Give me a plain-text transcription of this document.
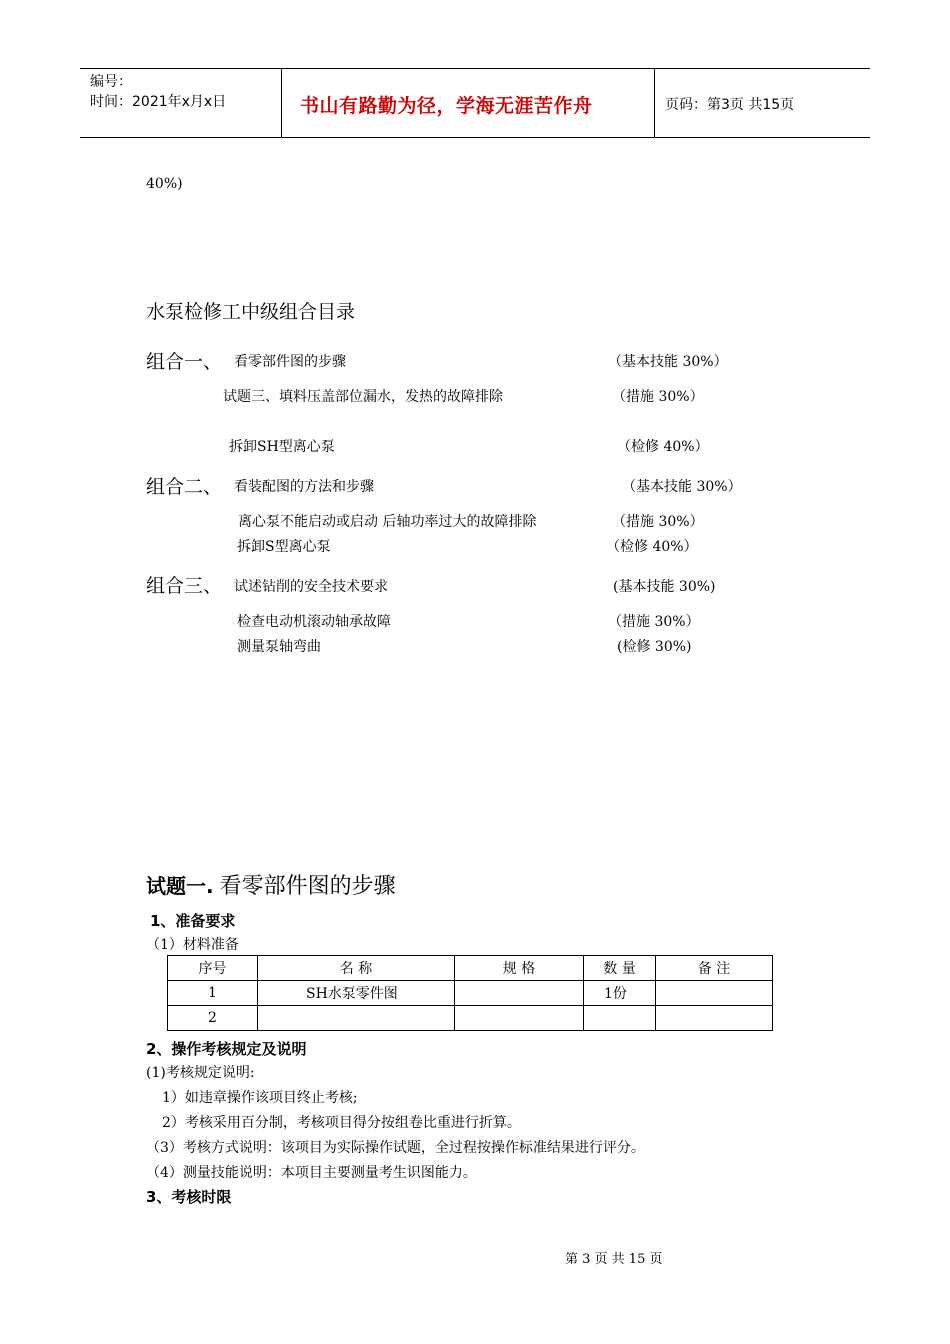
编号：
时间：2021年x月x日	书山有路勤为径，学海无涯苦作舟	页码：第3页 共15页
40%)
水泵检修工中级组合目录
组合一、 看零部件图的步骤	（基本技能 30%）
试题三、填料压盖部位漏水，发热的故障排除	（措施 30%）
拆卸SH型离心泵	（检修 40%）
组合二、 看装配图的方法和步骤	（基本技能 30%）
离心泵不能启动或启动 后轴功率过大的故障排除	（措施 30%）
拆卸S型离心泵	（检修 40%）
组合三、 试述钻削的安全技术要求	(基本技能 30%)
检查电动机滚动轴承故障	（措施 30%）
测量泵轴弯曲	(检修 30%)
试题一. 看零部件图的步骤
1、准备要求
（1）材料准备
序号	名 称	规 格	数 量	备 注
1	SH水泵零件图		1份	
2				
2、操作考核规定及说明
(1)考核规定说明:
1）如违章操作该项目终止考核;
2）考核采用百分制，考核项目得分按组卷比重进行折算。
（3）考核方式说明：该项目为实际操作试题，全过程按操作标准结果进行评分。
（4）测量技能说明：本项目主要测量考生识图能力。
3、考核时限
第 3 页 共 15 页
